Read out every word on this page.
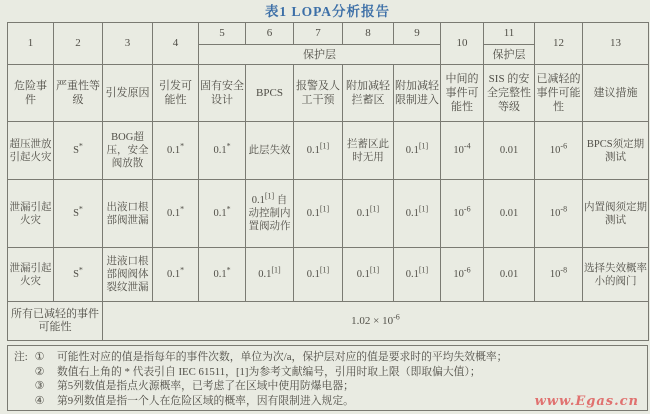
表1 LOPA分析报告
1	2	3	4	5	6	7	8	9	10	11	12	13
				保护层						保护层		
危险事件	严重性等级	引发原因	引发可能性	固有安全设计	BPCS	报警及人工干预	附加减轻拦蓄区	附加减轻限制进入	中间的事件可能性	SIS 的安全完整性等级	已减轻的事件可能性	建议措施
超压泄放引起火灾	S*	BOG超压，安全阀放散	0.1*	0.1*	此层失效	0.1[1]	拦蓄区此时无用	0.1[1]	$10^{-4}$	0.01	$10^{-6}$	BPCS须定期测试
泄漏引起火灾	S*	出液口根部阀泄漏	0.1*	0.1*	0.1[1] 自动控制内置阀动作	0.1[1]	0.1[1]	0.1[1]	$10^{-6}$	0.01	$10^{-8}$	内置阀须定期测试
泄漏引起火灾	S*	进液口根部阀阀体裂纹泄漏	0.1*	0.1*	0.1[1]	0.1[1]	0.1[1]	0.1[1]	$10^{-6}$	0.01	$10^{-8}$	选择失效概率小的阀门
所有已减轻的事件可能性		$1.02 \times 10^{-6}$
注: ① 可能性对应的值是指每年的事件次数，单位为次/a，保护层对应的值是要求时的平均失效概率；
② 数值右上角的 * 代表引自 IEC 61511，[1]为参考文献编号，引用时取上限（即取偏大值）；
③ 第5列数值是指点火源概率，已考虑了在区域中使用防爆电器；
④ 第9列数值是指一个人在危险区域的概率，因有限制进入规定。	www.Egas.cn
